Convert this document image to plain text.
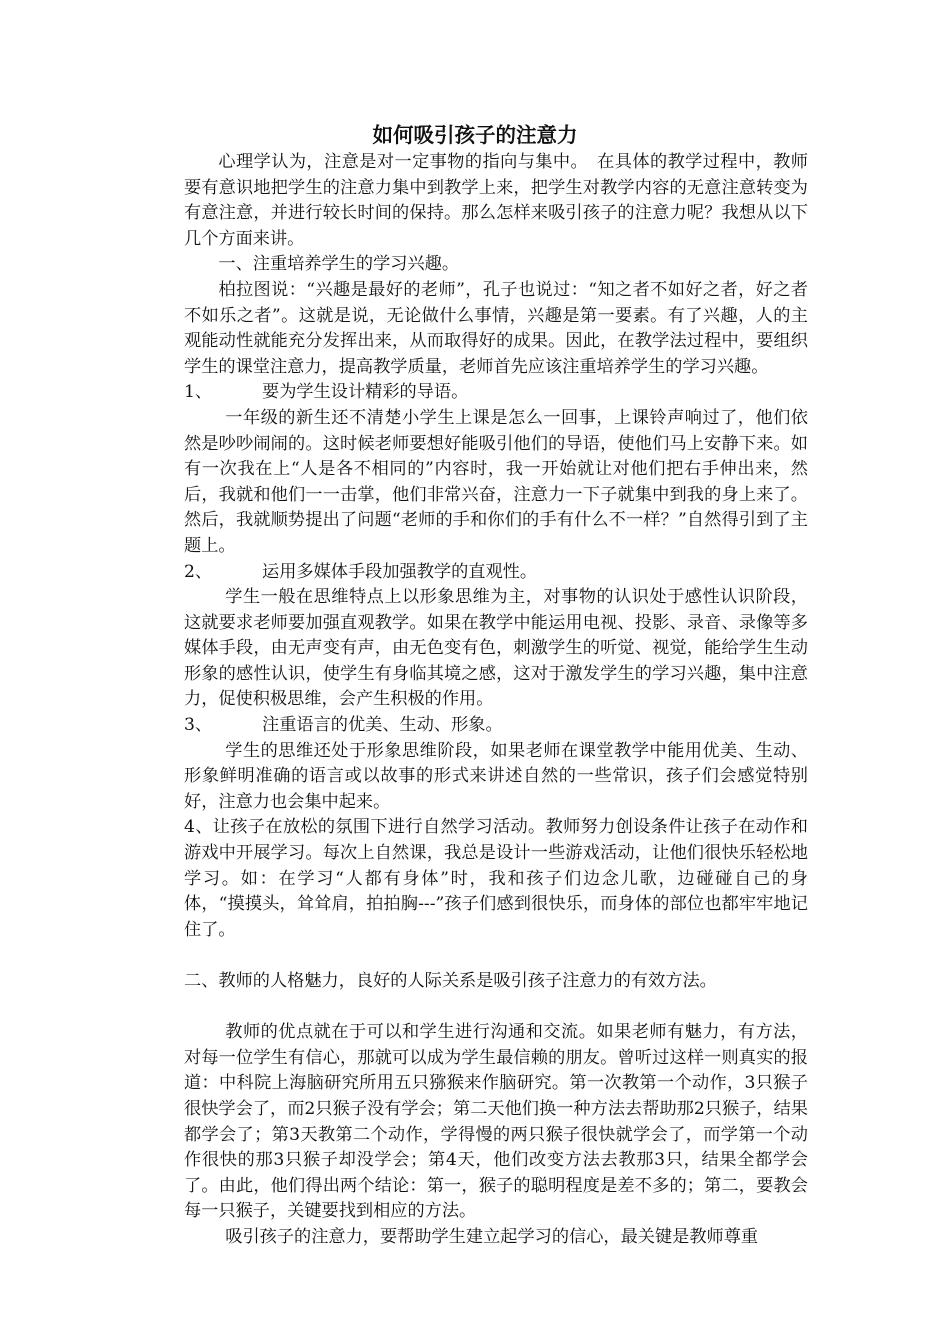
如何吸引孩子的注意力

心理学认为，注意是对一定事物的指向与集中。　在具体的教学过程中，教师要有意识地把学生的注意力集中到教学上来，把学生对教学内容的无意注意转变为有意注意，并进行较长时间的保持。那么怎样来吸引孩子的注意力呢？我想从以下几个方面来讲。

一、注重培养学生的学习兴趣。

柏拉图说：“兴趣是最好的老师”，孔子也说过：“知之者不如好之者，好之者不如乐之者”。这就是说，无论做什么事情，兴趣是第一要素。有了兴趣，人的主观能动性就能充分发挥出来，从而取得好的成果。因此，在教学法过程中，要组织学生的课堂注意力，提高教学质量，老师首先应该注重培养学生的学习兴趣。

1、	要为学生设计精彩的导语。

一年级的新生还不清楚小学生上课是怎么一回事，上课铃声响过了，他们依然是吵吵闹闹的。这时候老师要想好能吸引他们的导语，使他们马上安静下来。如有一次我在上“人是各不相同的”内容时，我一开始就让对他们把右手伸出来，然后，我就和他们一一击掌，他们非常兴奋，注意力一下子就集中到我的身上来了。然后，我就顺势提出了问题“老师的手和你们的手有什么不一样？”自然得引到了主题上。

2、	运用多媒体手段加强教学的直观性。

学生一般在思维特点上以形象思维为主，对事物的认识处于感性认识阶段，这就要求老师要加强直观教学。如果在教学中能运用电视、投影、录音、录像等多媒体手段，由无声变有声，由无色变有色，刺激学生的听觉、视觉，能给学生生动形象的感性认识，使学生有身临其境之感，这对于激发学生的学习兴趣，集中注意力，促使积极思维，会产生积极的作用。

3、	注重语言的优美、生动、形象。

学生的思维还处于形象思维阶段，如果老师在课堂教学中能用优美、生动、形象鲜明准确的语言或以故事的形式来讲述自然的一些常识，孩子们会感觉特别好，注意力也会集中起来。

4、让孩子在放松的氛围下进行自然学习活动。教师努力创设条件让孩子在动作和游戏中开展学习。每次上自然课，我总是设计一些游戏活动，让他们很快乐轻松地学习。如：在学习“人都有身体”时，我和孩子们边念儿歌，边碰碰自己的身体，“摸摸头，耸耸肩，拍拍胸---”孩子们感到很快乐，而身体的部位也都牢牢地记住了。

二、教师的人格魅力，良好的人际关系是吸引孩子注意力的有效方法。

教师的优点就在于可以和学生进行沟通和交流。如果老师有魅力，有方法，对每一位学生有信心，那就可以成为学生最信赖的朋友。曾听过这样一则真实的报道：中科院上海脑研究所用五只猕猴来作脑研究。第一次教第一个动作，3只猴子很快学会了，而2只猴子没有学会；第二天他们换一种方法去帮助那2只猴子，结果都学会了；第3天教第二个动作，学得慢的两只猴子很快就学会了，而学第一个动作很快的那3只猴子却没学会；第4天，他们改变方法去教那3只，结果全都学会了。由此，他们得出两个结论：第一，猴子的聪明程度是差不多的；第二，要教会每一只猴子，关键要找到相应的方法。

吸引孩子的注意力，要帮助学生建立起学习的信心，最关键是教师尊重
